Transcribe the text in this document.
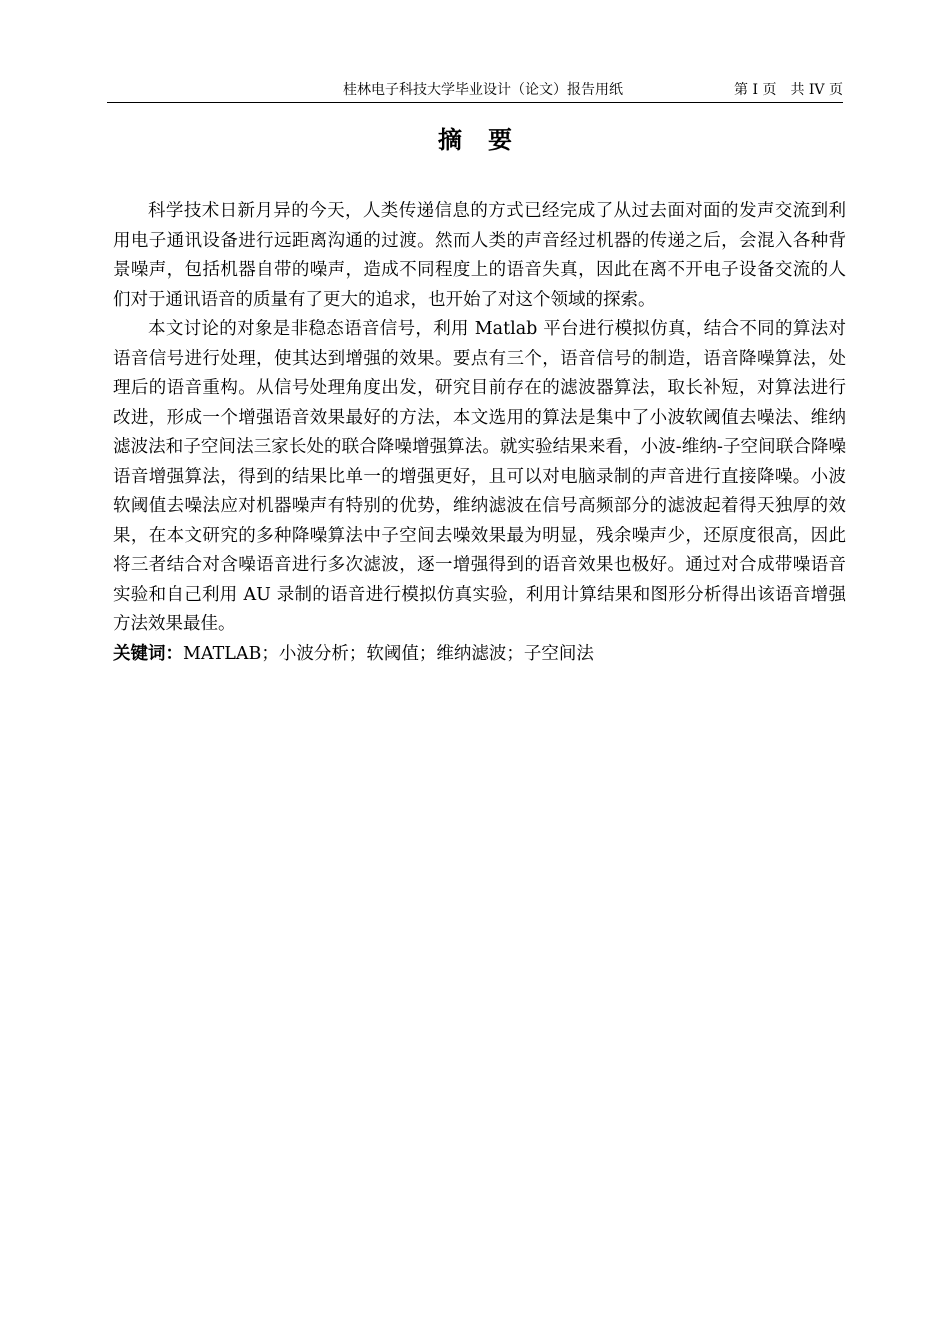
桂林电子科技大学毕业设计（论文）报告用纸	第 I 页　共 IV 页
摘要

科学技术日新月异的今天，人类传递信息的方式已经完成了从过去面对面的发声交流到利用电子通讯设备进行远距离沟通的过渡。然而人类的声音经过机器的传递之后，会混入各种背景噪声，包括机器自带的噪声，造成不同程度上的语音失真，因此在离不开电子设备交流的人们对于通讯语音的质量有了更大的追求，也开始了对这个领域的探索。

本文讨论的对象是非稳态语音信号，利用 Matlab 平台进行模拟仿真，结合不同的算法对语音信号进行处理，使其达到增强的效果。要点有三个，语音信号的制造，语音降噪算法，处理后的语音重构。从信号处理角度出发，研究目前存在的滤波器算法，取长补短，对算法进行改进，形成一个增强语音效果最好的方法，本文选用的算法是集中了小波软阈值去噪法、维纳滤波法和子空间法三家长处的联合降噪增强算法。就实验结果来看，小波-维纳-子空间联合降噪语音增强算法，得到的结果比单一的增强更好，且可以对电脑录制的声音进行直接降噪。小波软阈值去噪法应对机器噪声有特别的优势，维纳滤波在信号高频部分的滤波起着得天独厚的效果，在本文研究的多种降噪算法中子空间去噪效果最为明显，残余噪声少，还原度很高，因此将三者结合对含噪语音进行多次滤波，逐一增强得到的语音效果也极好。通过对合成带噪语音实验和自己利用 AU 录制的语音进行模拟仿真实验，利用计算结果和图形分析得出该语音增强方法效果最佳。

关键词：MATLAB；小波分析；软阈值；维纳滤波；子空间法
